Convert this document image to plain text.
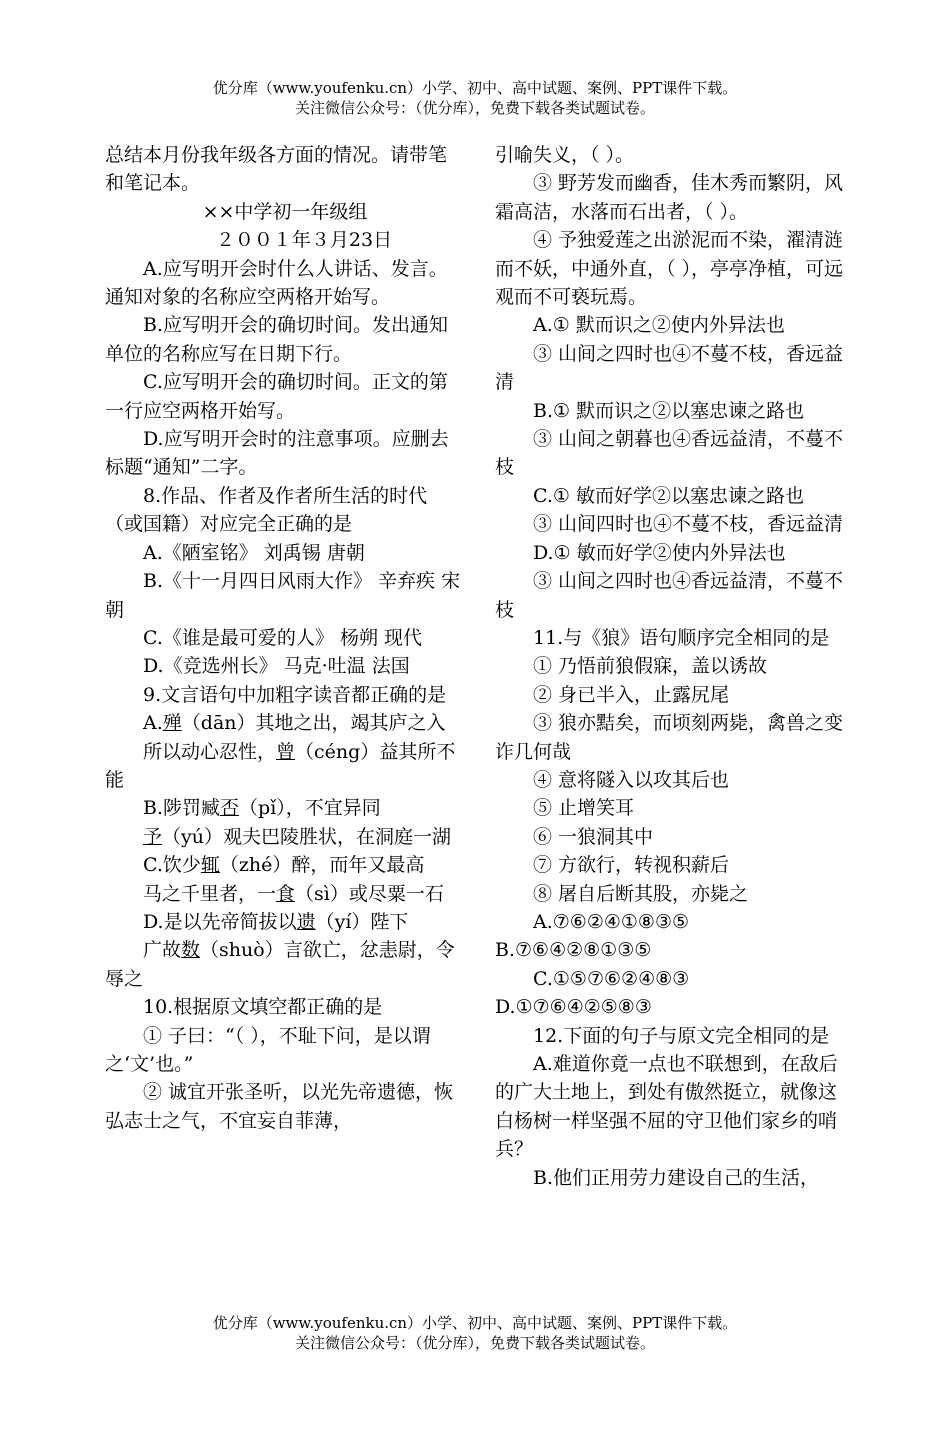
优分库（www.youfenku.cn）小学、初中、高中试题、案例、PPT课件下载。
关注微信公众号：（优分库），免费下载各类试题试卷。

总结本月份我年级各方面的情况。请带笔和笔记本。

××中学初一年级组

２００１年３月23日

A.应写明开会时什么人讲话、发言。通知对象的名称应空两格开始写。

B.应写明开会的确切时间。发出通知单位的名称应写在日期下行。

C.应写明开会的确切时间。正文的第一行应空两格开始写。

D.应写明开会时的注意事项。应删去标题“通知”二字。

8.作品、作者及作者所生活的时代（或国籍）对应完全正确的是

A.《陋室铭》 刘禹锡 唐朝

B.《十一月四日风雨大作》 辛弃疾 宋朝

C.《谁是最可爱的人》 杨朔 现代

D.《竞选州长》 马克·吐温 法国

9.文言语句中加粗字读音都正确的是

A.殚（dān）其地之出，竭其庐之入

所以动心忍性，曾（céng）益其所不能

B.陟罚臧否（pǐ），不宜异同

予（yú）观夫巴陵胜状，在洞庭一湖

C.饮少辄（zhé）醉，而年又最高

马之千里者，一食（sì）或尽粟一石

D.是以先帝简拔以遗（yí）陛下

广故数（shuò）言欲亡，忿恚尉，令辱之

10.根据原文填空都正确的是

① 子曰：“（ ），不耻下问，是以谓之‘文’也。”

② 诚宜开张圣听，以光先帝遗德，恢弘志士之气，不宜妄自菲薄，

引喻失义，（ ）。

③ 野芳发而幽香，佳木秀而繁阴，风霜高洁，水落而石出者，（ ）。

④ 予独爱莲之出淤泥而不染，濯清涟而不妖，中通外直，（ ），亭亭净植，可远观而不可亵玩焉。

A.① 默而识之②使内外异法也

③ 山间之四时也④不蔓不枝，香远益清

B.① 默而识之②以塞忠谏之路也

③ 山间之朝暮也④香远益清，不蔓不枝

C.① 敏而好学②以塞忠谏之路也

③ 山间四时也④不蔓不枝，香远益清

D.① 敏而好学②使内外异法也

③ 山间之四时也④香远益清，不蔓不枝

11.与《狼》语句顺序完全相同的是

① 乃悟前狼假寐，盖以诱故

② 身已半入，止露尻尾

③ 狼亦黠矣，而顷刻两毙，禽兽之变诈几何哉

④ 意将隧入以攻其后也

⑤ 止增笑耳

⑥ 一狼洞其中

⑦ 方欲行，转视积薪后

⑧ 屠自后断其股，亦毙之

A.⑦⑥②④①⑧③⑤

B.⑦⑥④②⑧①③⑤

C.①⑤⑦⑥②④⑧③

D.①⑦⑥④②⑤⑧③

12.下面的句子与原文完全相同的是

A.难道你竟一点也不联想到，在敌后的广大土地上，到处有傲然挺立，就像这白杨树一样坚强不屈的守卫他们家乡的哨兵？

B.他们正用劳力建设自己的生活，

优分库（www.youfenku.cn）小学、初中、高中试题、案例、PPT课件下载。
关注微信公众号：（优分库），免费下载各类试题试卷。
